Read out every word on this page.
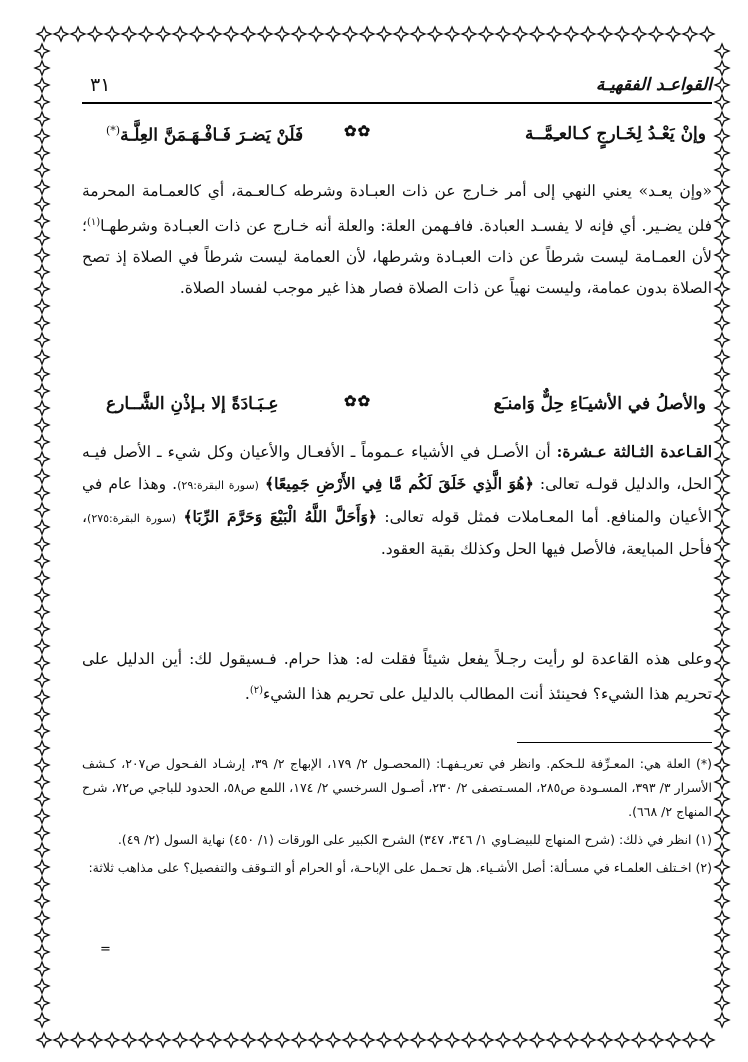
القواعـد الفقهيـة
٣١
وإنْ يَعْـدُ لِخَـارجٍ كـالعـِمَّــة
✿✿
فَلَنْ يَضـرَ فَـافْـهَـمَنَّ العِلَّـة(*)

«وإن يعـد» يعني النهي إلى أمر خـارج عن ذات العبـادة وشرطه كـالعـمة، أي كالعمـامة المحرمة فلن يضـير. أي فإنه لا يفسـد العبادة. فافـهمن العلة: والعلة أنه خـارج عن ذات العبـادة وشرطهـا$^{(١)}$؛ لأن العمـامة ليست شرطاً عن ذات العبـادة وشرطها، لأن العمامة ليست شرطاً في الصلاة إذ تصح الصلاة بدون عمامة، وليست نهياً عن ذات الصلاة فصار هذا غير موجب لفساد الصلاة.

والأصلُ في الأشيـَاءِ حِلٌّ وَامنـَع
✿✿
عِـبَـادَةً إلا بـإذْنِ الشَّــارع

القـاعدة الثـالثة عـشرة: أن الأصـل في الأشياء عـموماً ـ الأفعـال والأعيان وكل شيء ـ الأصل فيـه الحل، والدليل قولـه تعالى: ﴿هُوَ الَّذِي خَلَقَ لَكُم مَّا فِي الأَرْضِ جَمِيعًا﴾ (سورة البقرة:٢٩). وهذا عام في الأعيان والمنافع. أما المعـاملات فمثل قوله تعالى: ﴿وَأَحَلَّ اللَّهُ الْبَيْعَ وَحَرَّمَ الرِّبَا﴾ (سورة البقرة:٢٧٥)، فأحل المبايعة، فالأصل فيها الحل وكذلك بقية العقود.

وعلى هذه القاعدة لو رأيت رجـلاً يفعل شيئاً فقلت له: هذا حرام. فـسيقول لك: أين الدليل على تحريم هذا الشيء؟ فحينئذ أنت المطالب بالدليل على تحريم هذا الشيء$^{(٢)}$.

(*) العلة هي: المعـرِّفة للـحكم. وانظر في تعريـفهـا: (المحصـول ٢/ ١٧٩، الإبهاج ٢/ ٣٩، إرشـاد الفـحول ص٢٠٧، كـشف الأسرار ٣/ ٣٩٣، المسـودة ص٢٨٥، المسـتصفى ٢/ ٢٣٠، أصـول السرخسي ٢/ ١٧٤، اللمع ص٥٨، الحدود للباجي ص٧٢، شرح المنهاج ٢/ ٦٦٨).

(١) انظر في ذلك: (شرح المنهاج للبيضـاوي ١/ ٣٤٦، ٣٤٧) الشرح الكبير على الورقات (١/ ٤٥٠) نهاية السول (٢/ ٤٩).

(٢) اخـتلف العلمـاء في مسـألة: أصل الأشـياء. هل تحـمل على الإباحـة، أو الحرام أو التـوقف والتفصيل؟ على مذاهب ثلاثة:

=
